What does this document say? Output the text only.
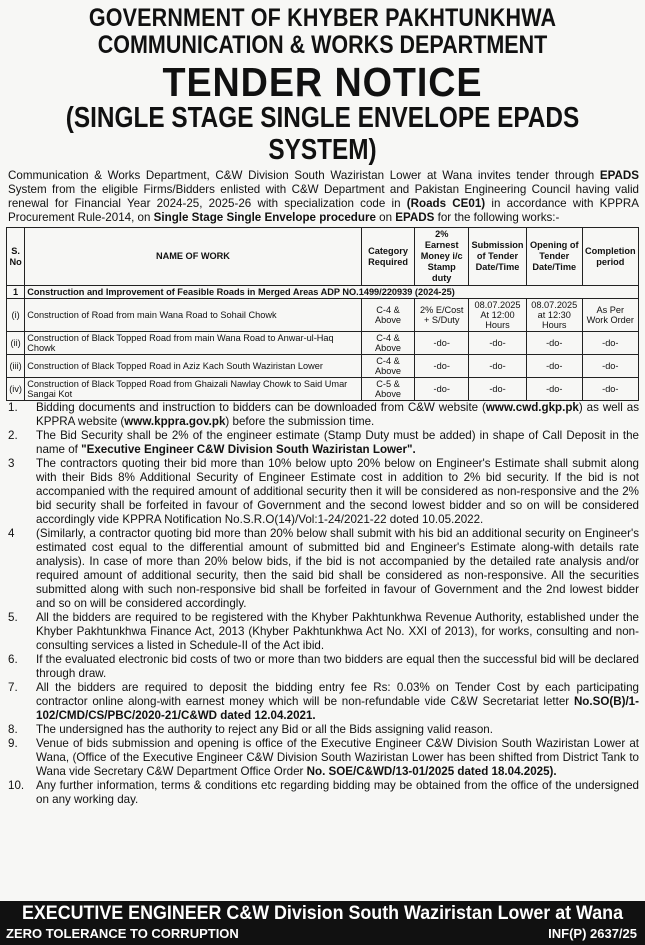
GOVERNMENT OF KHYBER PAKHTUNKHWA
COMMUNICATION & WORKS DEPARTMENT
TENDER NOTICE
(SINGLE STAGE SINGLE ENVELOPE EPADS SYSTEM)
Communication & Works Department, C&W Division South Waziristan Lower at Wana invites tender through EPADS System from the eligible Firms/Bidders enlisted with C&W Department and Pakistan Engineering Council having valid renewal for Financial Year 2024-25, 2025-26 with specialization code in (Roads CE01) in accordance with KPPRA Procurement Rule-2014, on Single Stage Single Envelope procedure on EPADS for the following works:-
S. No	NAME OF WORK	Category Required	2% Earnest Money i/c Stamp duty	Submission of Tender Date/Time	Opening of Tender Date/Time	Completion period
1	Construction and Improvement of Feasible Roads in Merged Areas ADP NO.1499/220939 (2024-25)					
(i)	Construction of Road from main Wana Road to Sohail Chowk	C-4 & Above	2% E/Cost + S/Duty	08.07.2025 At 12:00 Hours	08.07.2025 at 12:30 Hours	As Per Work Order
(ii)	Construction of Black Topped Road from main Wana Road to Anwar-ul-Haq Chowk	C-4 & Above	-do-	-do-	-do-	-do-
(iii)	Construction of Black Topped Road in Aziz Kach South Waziristan Lower	C-4 & Above	-do-	-do-	-do-	-do-
(iv)	Construction of Black Topped Road from Ghaizali Nawlay Chowk to Said Umar Sangai Kot	C-5 & Above	-do-	-do-	-do-	-do-
1.	Bidding documents and instruction to bidders can be downloaded from C&W website (www.cwd.gkp.pk) as well as KPPRA website (www.kppra.gov.pk) before the submission time.
2.	The Bid Security shall be 2% of the engineer estimate (Stamp Duty must be added) in shape of Call Deposit in the name of "Executive Engineer C&W Division South Waziristan Lower".
3	The contractors quoting their bid more than 10% below upto 20% below on Engineer's Estimate shall submit along with their Bids 8% Additional Security of Engineer Estimate cost in addition to 2% bid security. If the bid is not accompanied with the required amount of additional security then it will be considered as non-responsive and the 2% bid security shall be forfeited in favour of Government and the second lowest bidder and so on will be considered accordingly vide KPPRA Notification No.S.R.O(14)/Vol:1-24/2021-22 doted 10.05.2022.
4	(Similarly, a contractor quoting bid more than 20% below shall submit with his bid an additional security on Engineer's estimated cost equal to the differential amount of submitted bid and Engineer's Estimate along-with details rate analysis). In case of more than 20% below bids, if the bid is not accompanied by the detailed rate analysis and/or required amount of additional security, then the said bid shall be considered as non-responsive. All the securities submitted along with such non-responsive bid shall be forfeited in favour of Government and the 2nd lowest bidder and so on will be considered accordingly.
5.	All the bidders are required to be registered with the Khyber Pakhtunkhwa Revenue Authority, established under the Khyber Pakhtunkhwa Finance Act, 2013 (Khyber Pakhtunkhwa Act No. XXI of 2013), for works, consulting and non-consulting services a listed in Schedule-II of the Act ibid.
6.	If the evaluated electronic bid costs of two or more than two bidders are equal then the successful bid will be declared through draw.
7.	All the bidders are required to deposit the bidding entry fee Rs: 0.03% on Tender Cost by each participating contractor online along-with earnest money which will be non-refundable vide C&W Secretariat letter No.SO(B)/1-102/CMD/CS/PBC/2020-21/C&WD dated 12.04.2021.
8.	The undersigned has the authority to reject any Bid or all the Bids assigning valid reason.
9.	Venue of bids submission and opening is office of the Executive Engineer C&W Division South Waziristan Lower at Wana, (Office of the Executive Engineer C&W Division South Waziristan Lower has been shifted from District Tank to Wana vide Secretary C&W Department Office Order No. SOE/C&WD/13-01/2025 dated 18.04.2025).
10.	Any further information, terms & conditions etc regarding bidding may be obtained from the office of the undersigned on any working day.
EXECUTIVE ENGINEER C&W Division South Waziristan Lower at Wana
ZERO TOLERANCE TO CORRUPTION	INF(P) 2637/25
